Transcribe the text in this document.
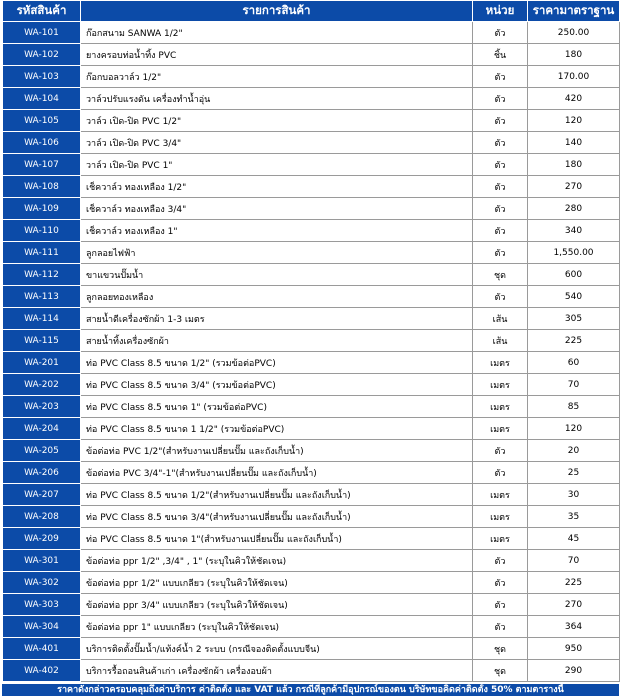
รหัสสินค้า	รายการสินค้า	หน่วย	ราคามาตราฐาน
WA-101	ก๊อกสนาม SANWA 1/2"	ตัว	250.00
WA-102	ยางครอบท่อน้ำทิ้ง PVC	ชิ้น	180
WA-103	ก๊อกบอลวาล์ว 1/2"	ตัว	170.00
WA-104	วาล์วปรับแรงดัน เครื่องทำน้ำอุ่น	ตัว	420
WA-105	วาล์ว เปิด-ปิด PVC 1/2"	ตัว	120
WA-106	วาล์ว เปิด-ปิด PVC 3/4"	ตัว	140
WA-107	วาล์ว เปิด-ปิด PVC 1"	ตัว	180
WA-108	เช็ควาล์ว ทองเหลือง 1/2"	ตัว	270
WA-109	เช็ควาล์ว ทองเหลือง 3/4"	ตัว	280
WA-110	เช็ควาล์ว ทองเหลือง 1"	ตัว	340
WA-111	ลูกลอยไฟฟ้า	ตัว	1,550.00
WA-112	ขาแขวนปั๊มน้ำ	ชุด	600
WA-113	ลูกลอยทองเหลือง	ตัว	540
WA-114	สายน้ำดีเครื่องซักผ้า 1-3 เมตร	เส้น	305
WA-115	สายน้ำทิ้งเครื่องซักผ้า	เส้น	225
WA-201	ท่อ PVC Class 8.5 ขนาด 1/2" (รวมข้อต่อPVC)	เมตร	60
WA-202	ท่อ PVC Class 8.5 ขนาด 3/4" (รวมข้อต่อPVC)	เมตร	70
WA-203	ท่อ PVC Class 8.5 ขนาด 1" (รวมข้อต่อPVC)	เมตร	85
WA-204	ท่อ PVC Class 8.5 ขนาด 1 1/2" (รวมข้อต่อPVC)	เมตร	120
WA-205	ข้อต่อท่อ PVC 1/2"(สำหรับงานเปลี่ยนปั๊ม และถังเก็บน้ำ)	ตัว	20
WA-206	ข้อต่อท่อ PVC 3/4"-1"(สำหรับงานเปลี่ยนปั๊ม และถังเก็บน้ำ)	ตัว	25
WA-207	ท่อ PVC Class 8.5 ขนาด 1/2"(สำหรับงานเปลี่ยนปั๊ม และถังเก็บน้ำ)	เมตร	30
WA-208	ท่อ PVC Class 8.5 ขนาด 3/4"(สำหรับงานเปลี่ยนปั๊ม และถังเก็บน้ำ)	เมตร	35
WA-209	ท่อ PVC Class 8.5 ขนาด 1"(สำหรับงานเปลี่ยนปั๊ม และถังเก็บน้ำ)	เมตร	45
WA-301	ข้อต่อท่อ ppr 1/2" ,3/4" , 1" (ระบุในคิวให้ชัดเจน)	ตัว	70
WA-302	ข้อต่อท่อ ppr 1/2" แบบเกลียว (ระบุในคิวให้ชัดเจน)	ตัว	225
WA-303	ข้อต่อท่อ ppr 3/4" แบบเกลียว (ระบุในคิวให้ชัดเจน)	ตัว	270
WA-304	ข้อต่อท่อ ppr 1" แบบเกลียว (ระบุในคิวให้ชัดเจน)	ตัว	364
WA-401	บริการติดตั้งปั๊มน้ำ/แท้งค์น้ำ 2 ระบบ (กรณีจองติดตั้งแบบจีน)	ชุด	950
WA-402	บริการรื้อถอนสินค้าเก่า เครื่องซักผ้า เครื่องอบผ้า	ชุด	290
ราคาดังกล่าวครอบคลุมถึงค่าบริการ ค่าติดตั้ง และ VAT แล้ว กรณีที่ลูกค้ามีอุปกรณ์ของตน บริษัทขอคิดค่าติดตั้ง 50% ตามตารางนี้
